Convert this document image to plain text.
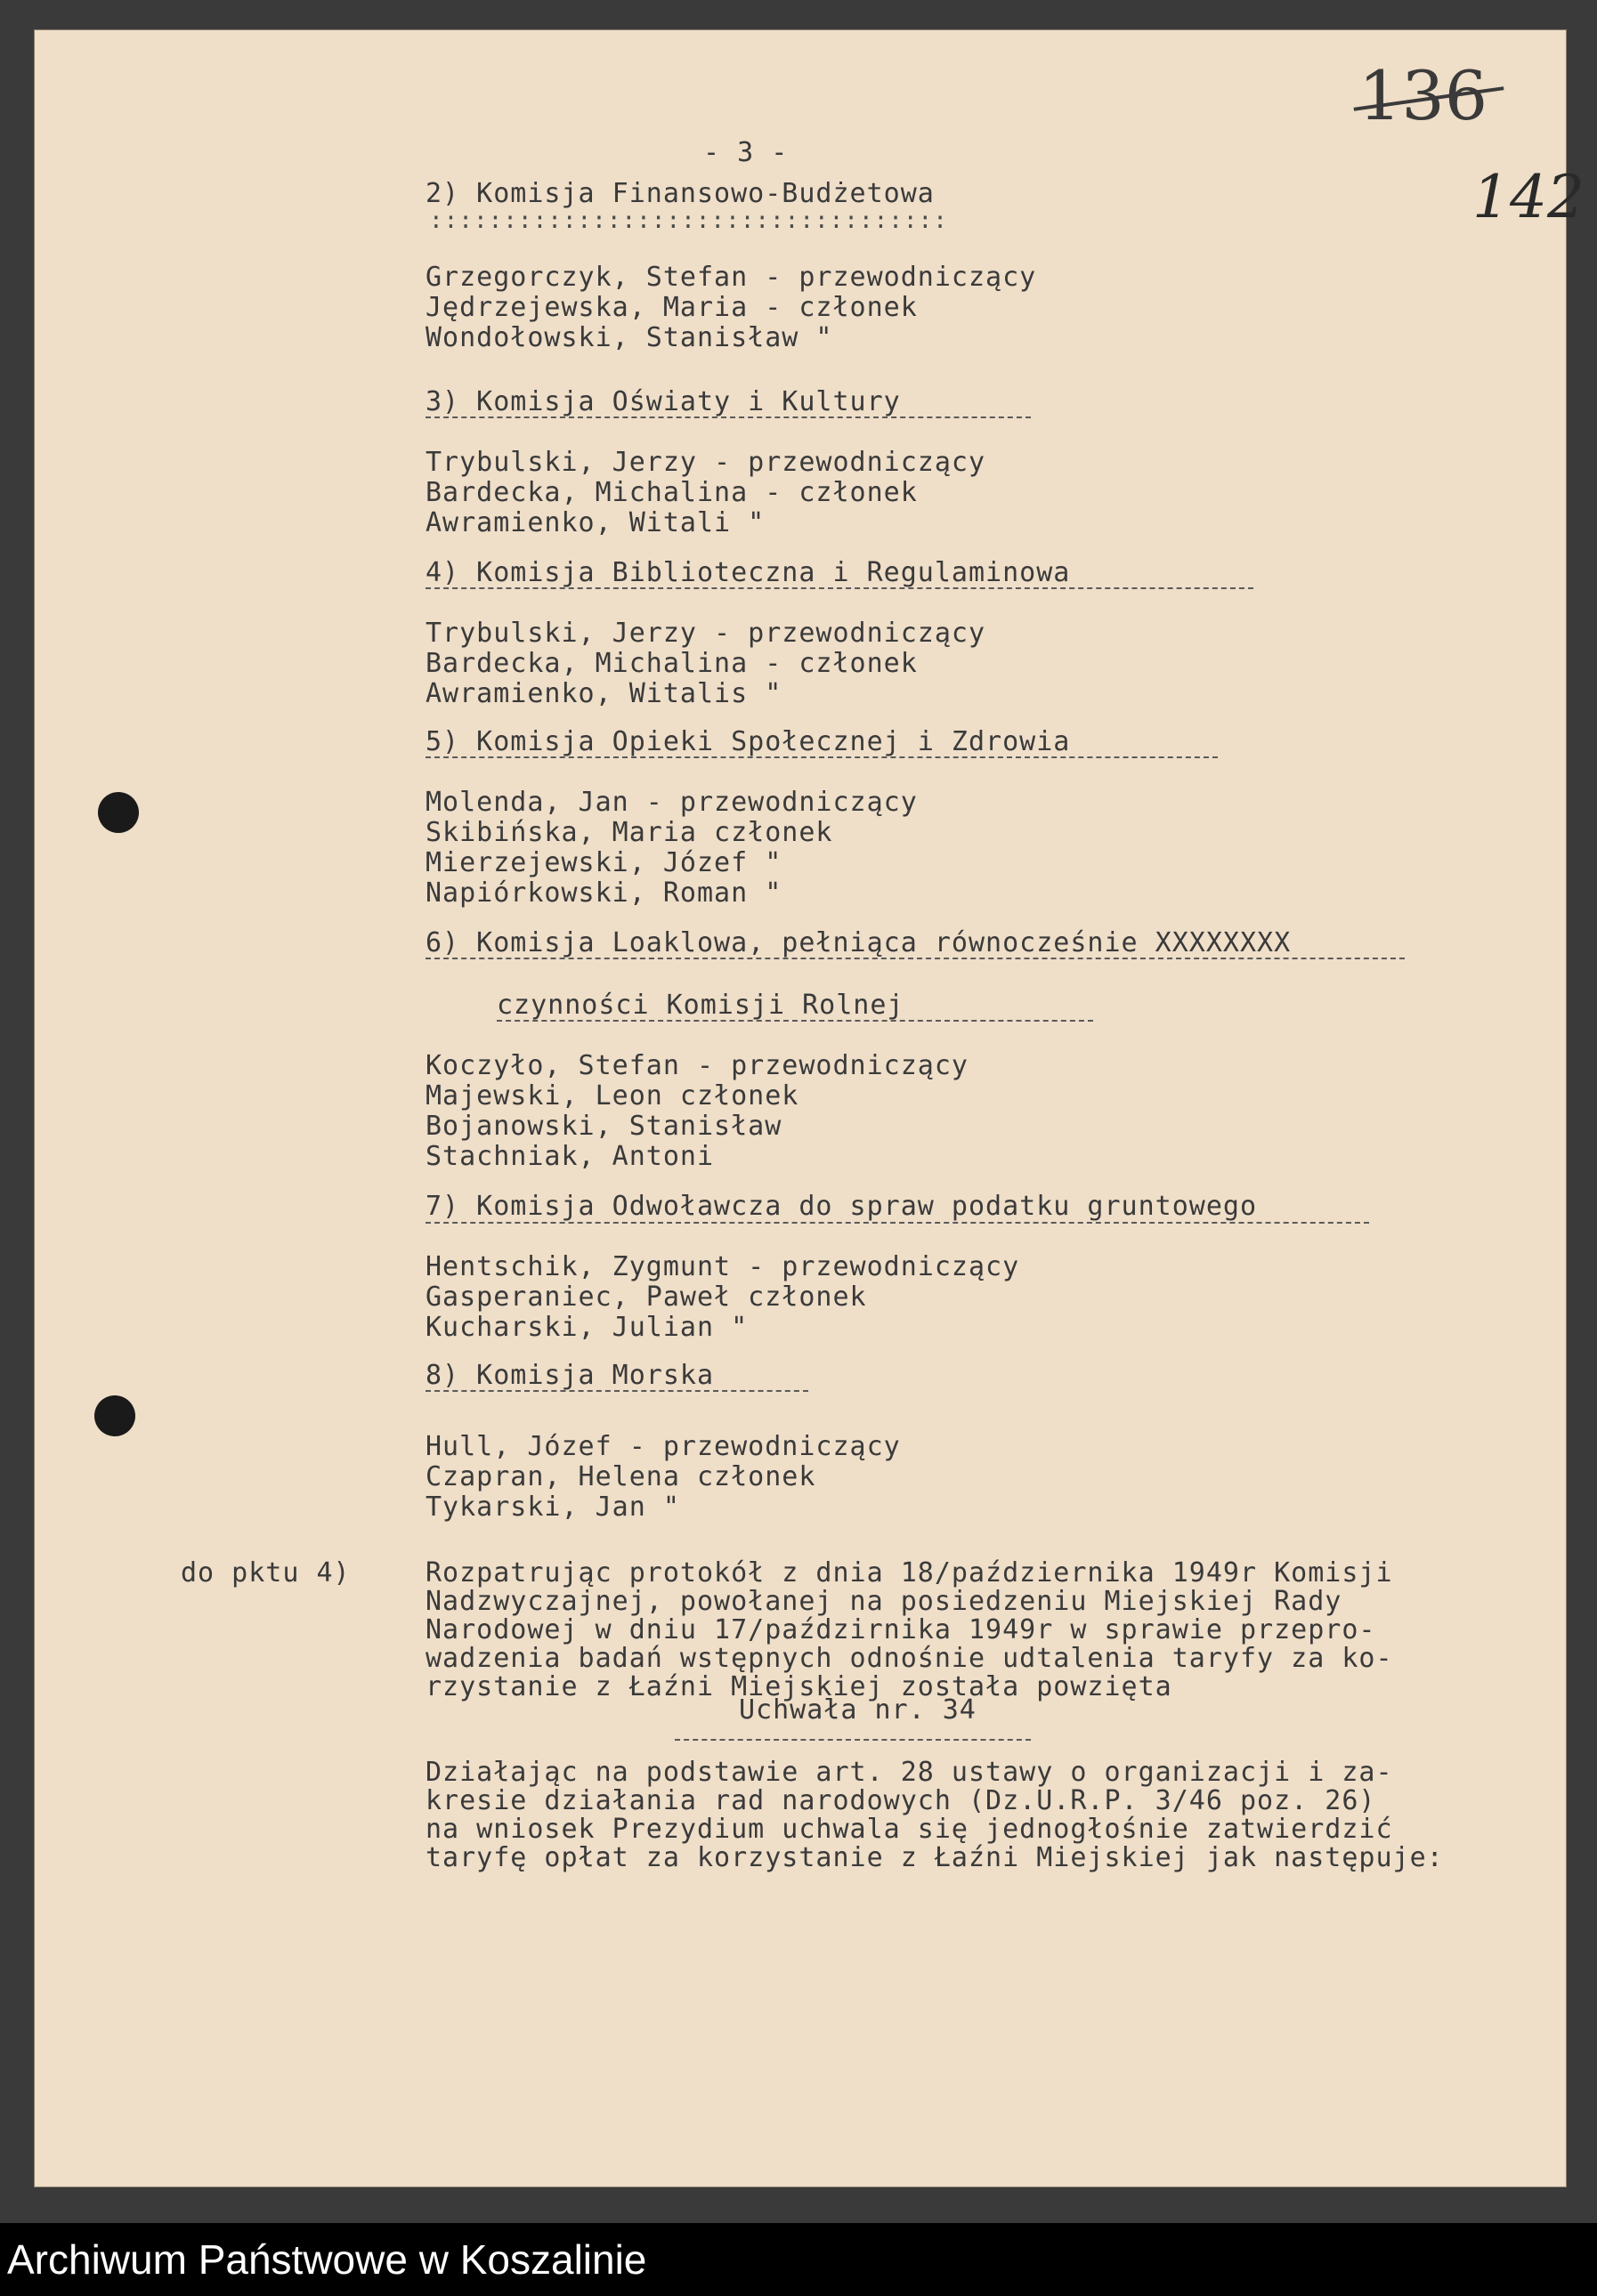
136
142
- 3 -
2) Komisja Finansowo-Budżetowa
:::::::::::::::::::::::::::::::::::
Grzegorczyk, Stefan - przewodniczący
Jędrzejewska, Maria - członek
Wondołowski, Stanisław "
3) Komisja Oświaty i Kultury
Trybulski, Jerzy - przewodniczący
Bardecka, Michalina - członek
Awramienko, Witali "
4) Komisja Biblioteczna i Regulaminowa
Trybulski, Jerzy - przewodniczący
Bardecka, Michalina - członek
Awramienko, Witalis "
5) Komisja Opieki Społecznej i Zdrowia
Molenda, Jan - przewodniczący
Skibińska, Maria członek
Mierzejewski, Józef "
Napiórkowski, Roman "
6) Komisja Loaklowa, pełniąca równocześnie XXXXXXXX
czynności Komisji Rolnej
Koczyło, Stefan - przewodniczący
Majewski, Leon członek
Bojanowski, Stanisław
Stachniak, Antoni
7) Komisja Odwoławcza do spraw podatku gruntowego
Hentschik, Zygmunt - przewodniczący
Gasperaniec, Paweł członek
Kucharski, Julian "
8) Komisja Morska
Hull, Józef - przewodniczący
Czapran, Helena członek
Tykarski, Jan "
do pktu 4)	Rozpatrując protokół z dnia 18/października 1949r Komisji
Nadzwyczajnej, powołanej na posiedzeniu Miejskiej Rady
Narodowej w dniu 17/paździrnika 1949r w sprawie przepro-
wadzenia badań wstępnych odnośnie udtalenia taryfy za ko-
rzystanie z Łaźni Miejskiej została powzięta
Uchwała nr. 34
Działając na podstawie art. 28 ustawy o organizacji i za-
kresie działania rad narodowych (Dz.U.R.P. 3/46 poz. 26)
na wniosek Prezydium uchwala się jednogłośnie zatwierdzić
taryfę opłat za korzystanie z Łaźni Miejskiej jak następuje:
Archiwum Państwowe w Koszalinie
